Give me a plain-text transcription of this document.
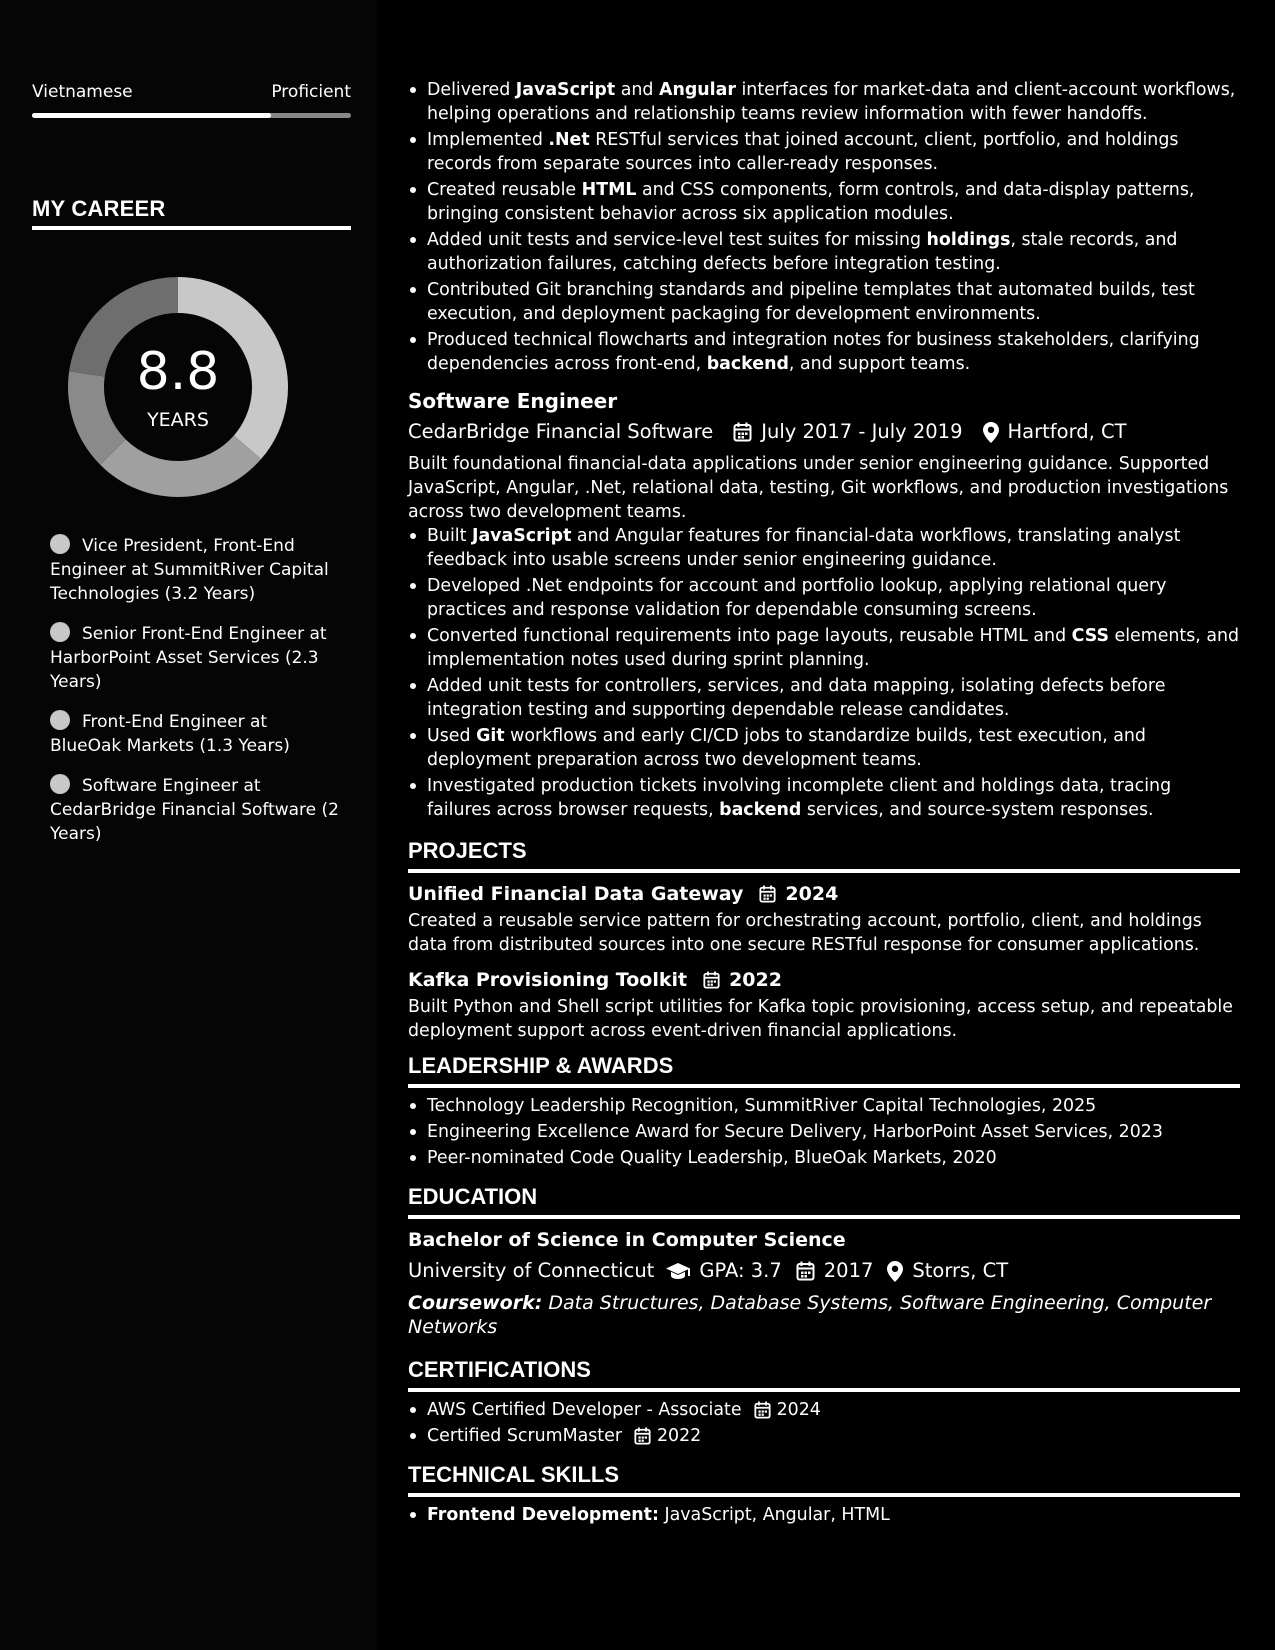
Vietnamese	Proficient
MY CAREER
8.8
YEARS
Vice President, Front-End Engineer at SummitRiver Capital Technologies (3.2 Years)
Senior Front-End Engineer at HarborPoint Asset Services (2.3 Years)
Front-End Engineer at BlueOak Markets (1.3 Years)
Software Engineer at CedarBridge Financial Software (2 Years)
Delivered JavaScript and Angular interfaces for market-data and client-account workflows, helping operations and relationship teams review information with fewer handoffs.
Implemented .Net RESTful services that joined account, client, portfolio, and holdings records from separate sources into caller-ready responses.
Created reusable HTML and CSS components, form controls, and data-display patterns, bringing consistent behavior across six application modules.
Added unit tests and service-level test suites for missing holdings, stale records, and authorization failures, catching defects before integration testing.
Contributed Git branching standards and pipeline templates that automated builds, test execution, and deployment packaging for development environments.
Produced technical flowcharts and integration notes for business stakeholders, clarifying dependencies across front-end, backend, and support teams.
Software Engineer
CedarBridge Financial Software July 2017 - July 2019 Hartford, CT
Built foundational financial-data applications under senior engineering guidance. Supported JavaScript, Angular, .Net, relational data, testing, Git workflows, and production investigations across two development teams.
Built JavaScript and Angular features for financial-data workflows, translating analyst feedback into usable screens under senior engineering guidance.
Developed .Net endpoints for account and portfolio lookup, applying relational query practices and response validation for dependable consuming screens.
Converted functional requirements into page layouts, reusable HTML and CSS elements, and implementation notes used during sprint planning.
Added unit tests for controllers, services, and data mapping, isolating defects before integration testing and supporting dependable release candidates.
Used Git workflows and early CI/CD jobs to standardize builds, test execution, and deployment preparation across two development teams.
Investigated production tickets involving incomplete client and holdings data, tracing failures across browser requests, backend services, and source-system responses.
PROJECTS
Unified Financial Data Gateway 2024
Created a reusable service pattern for orchestrating account, portfolio, client, and holdings data from distributed sources into one secure RESTful response for consumer applications.
Kafka Provisioning Toolkit 2022
Built Python and Shell script utilities for Kafka topic provisioning, access setup, and repeatable deployment support across event-driven financial applications.
LEADERSHIP & AWARDS
Technology Leadership Recognition, SummitRiver Capital Technologies, 2025
Engineering Excellence Award for Secure Delivery, HarborPoint Asset Services, 2023
Peer-nominated Code Quality Leadership, BlueOak Markets, 2020
EDUCATION
Bachelor of Science in Computer Science
University of Connecticut GPA: 3.7 2017 Storrs, CT
Coursework: Data Structures, Database Systems, Software Engineering, Computer Networks
CERTIFICATIONS
AWS Certified Developer - Associate 2024
Certified ScrumMaster 2022
TECHNICAL SKILLS
Frontend Development: JavaScript, Angular, HTML
